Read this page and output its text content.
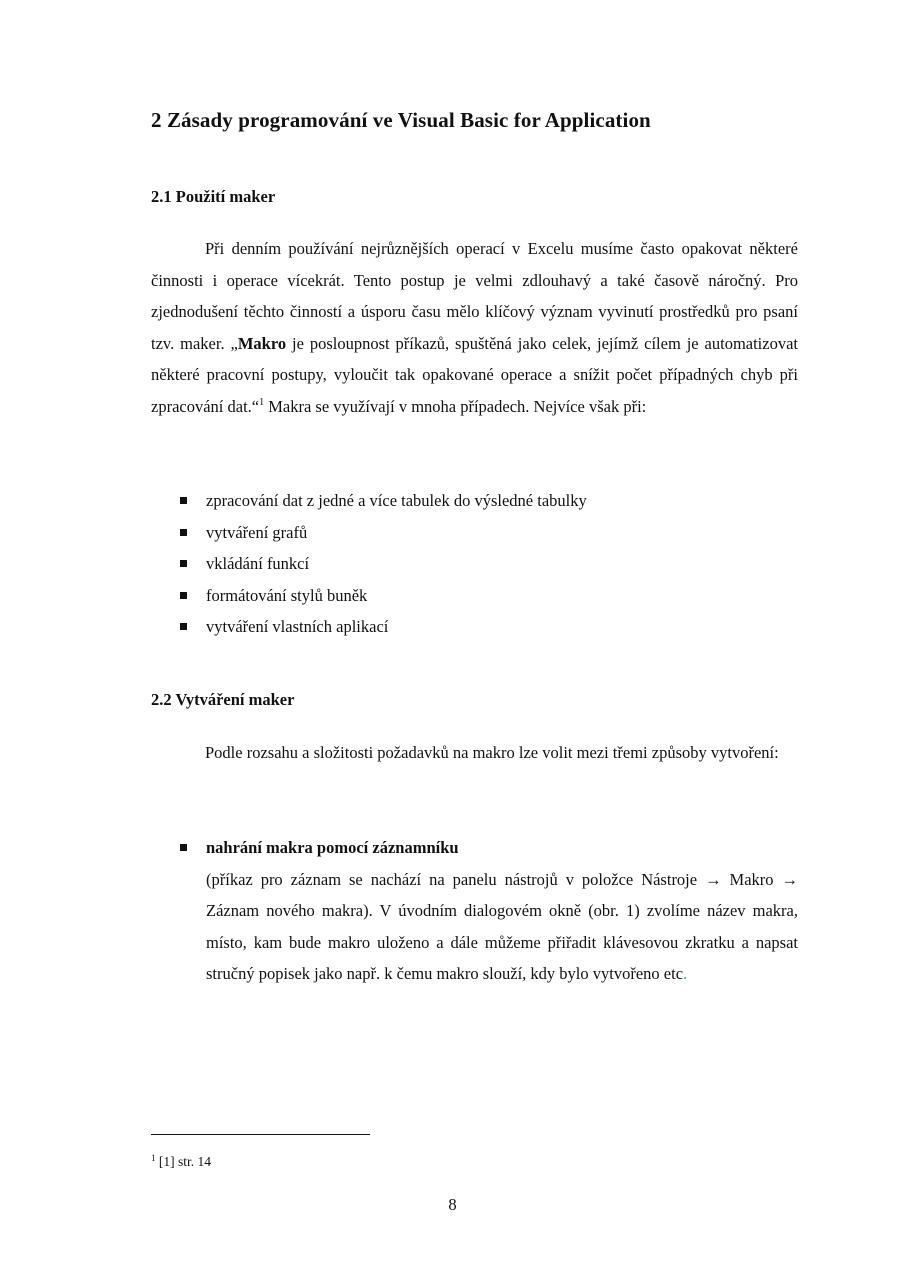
2 Zásady programování ve Visual Basic for Application
2.1 Použití maker

Při denním používání nejrůznějších operací v Excelu musíme často opakovat některé činnosti i operace vícekrát. Tento postup je velmi zdlouhavý a také časově náročný. Pro zjednodušení těchto činností a úsporu času mělo klíčový význam vyvinutí prostředků pro psaní tzv. maker. „Makro je posloupnost příkazů, spuštěná jako celek, jejímž cílem je automatizovat některé pracovní postupy, vyloučit tak opakované operace a snížit počet případných chyb při zpracování dat.“$^1$ Makra se využívají v mnoha případech. Nejvíce však při:

zpracování dat z jedné a více tabulek do výsledné tabulky
vytváření grafů
vkládání funkcí
formátování stylů buněk
vytváření vlastních aplikací
2.2 Vytváření maker

Podle rozsahu a složitosti požadavků na makro lze volit mezi třemi způsoby vytvoření:

nahrání makra pomocí záznamníku

(příkaz pro záznam se nachází na panelu nástrojů v položce Nástroje → Makro → Záznam nového makra). V úvodním dialogovém okně (obr. 1) zvolíme název makra, místo, kam bude makro uloženo a dále můžeme přiřadit klávesovou zkratku a napsat stručný popisek jako např. k čemu makro slouží, kdy bylo vytvořeno etc.

$^1$ [1] str. 14
8
